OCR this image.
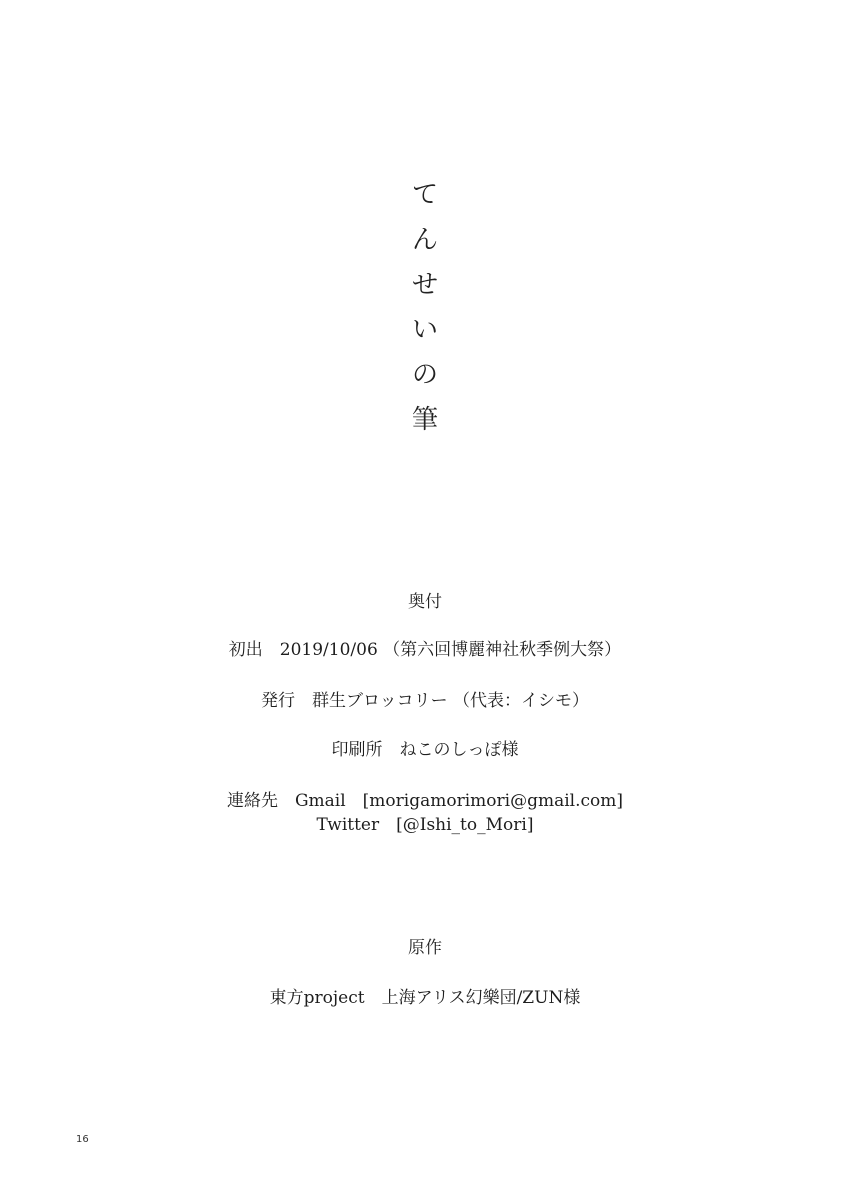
て
ん
せ
い
の
筆
奥付
初出　2019/10/06 （第六回博麗神社秋季例大祭）
発行　群生ブロッコリー （代表：イシモ）
印刷所　ねこのしっぽ様
連絡先　Gmail　[morigamorimori@gmail.com]
Twitter　[@Ishi_to_Mori]
原作
東方project　上海アリス幻樂団/ZUN様
16
